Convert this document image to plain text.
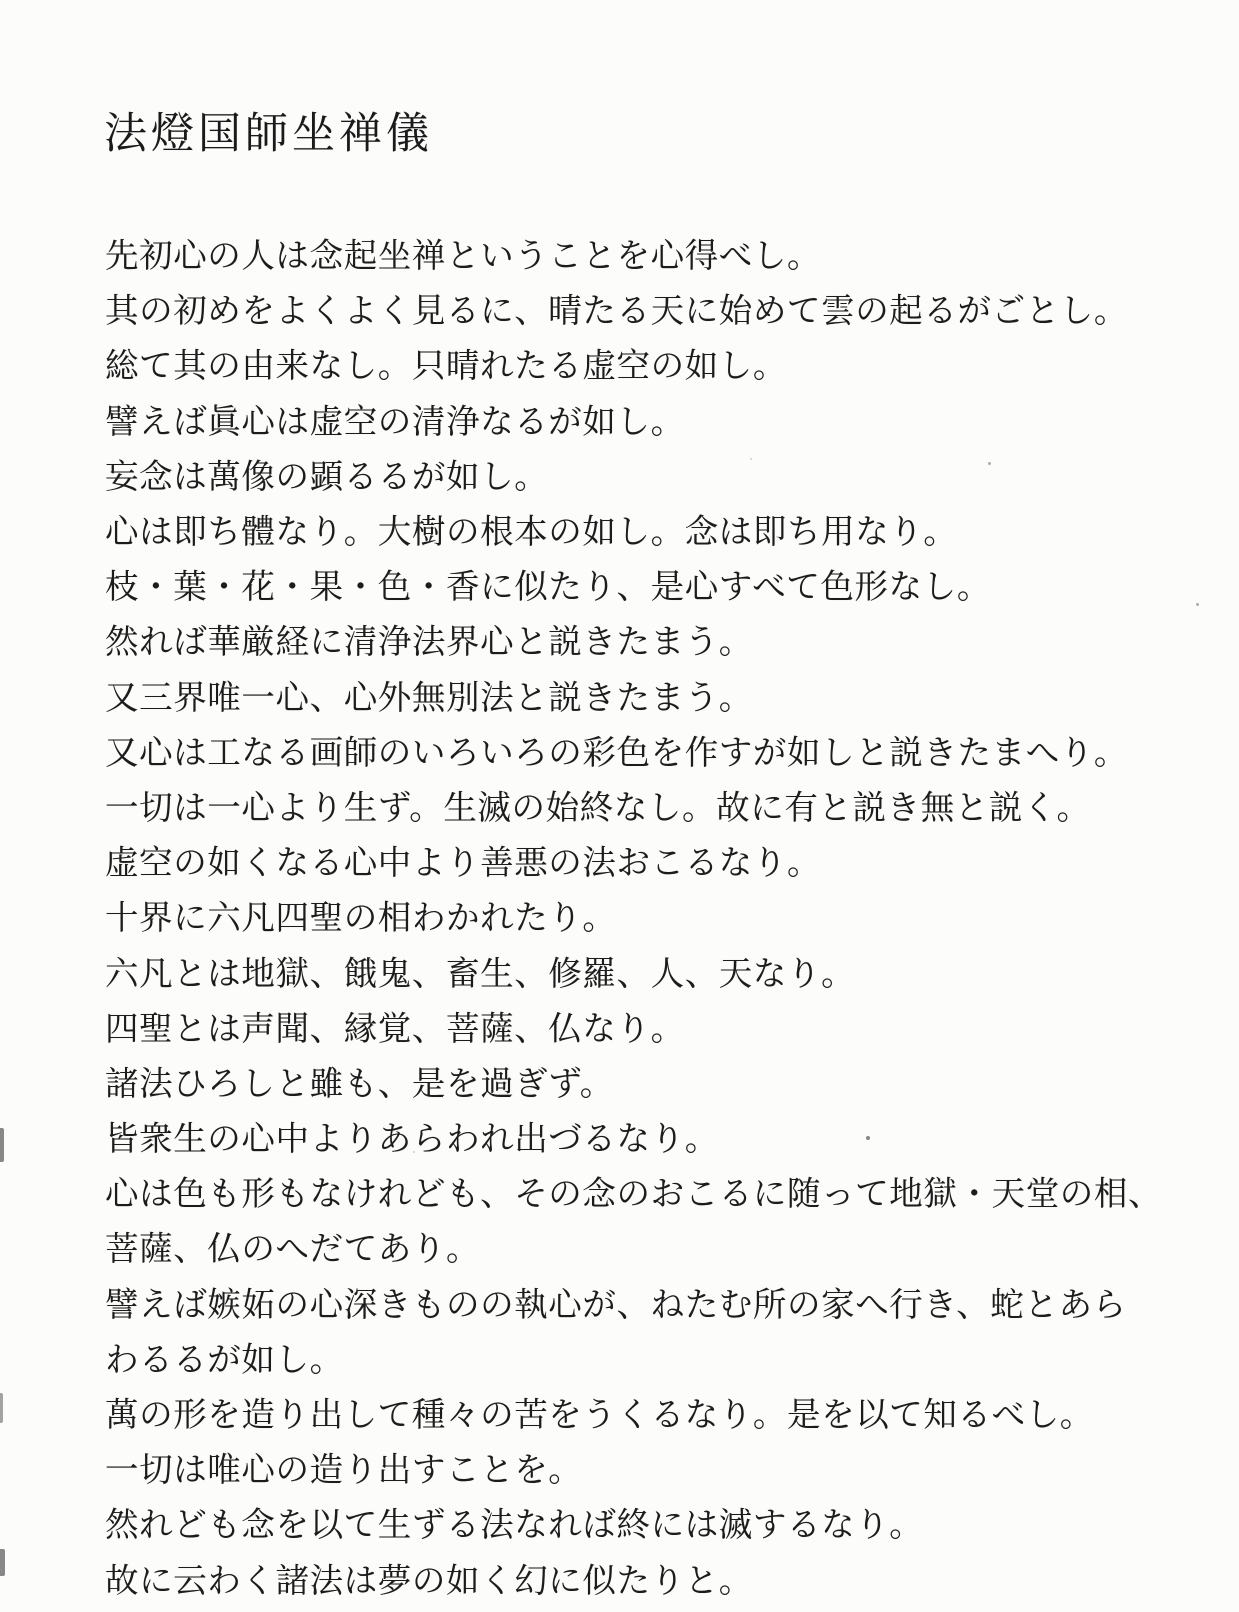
法燈国師坐禅儀

先初心の人は念起坐禅ということを心得べし。

其の初めをよくよく見るに、晴たる天に始めて雲の起るがごとし。

総て其の由来なし。只晴れたる虚空の如し。

譬えば眞心は虚空の清浄なるが如し。

妄念は萬像の顕るるが如し。

心は即ち體なり。大樹の根本の如し。念は即ち用なり。

枝・葉・花・果・色・香に似たり、是心すべて色形なし。

然れば華厳経に清浄法界心と説きたまう。

又三界唯一心、心外無別法と説きたまう。

又心は工なる画師のいろいろの彩色を作すが如しと説きたまへり。

一切は一心より生ず。生滅の始終なし。故に有と説き無と説く。

虚空の如くなる心中より善悪の法おこるなり。

十界に六凡四聖の相わかれたり。

六凡とは地獄、餓鬼、畜生、修羅、人、天なり。

四聖とは声聞、縁覚、菩薩、仏なり。

諸法ひろしと雖も、是を過ぎず。

皆衆生の心中よりあらわれ出づるなり。

心は色も形もなけれども、その念のおこるに随って地獄・天堂の相、

菩薩、仏のへだてあり。

譬えば嫉妬の心深きものの執心が、ねたむ所の家へ行き、蛇とあら

わるるが如し。

萬の形を造り出して種々の苦をうくるなり。是を以て知るべし。

一切は唯心の造り出すことを。

然れども念を以て生ずる法なれば終には滅するなり。

故に云わく諸法は夢の如く幻に似たりと。
